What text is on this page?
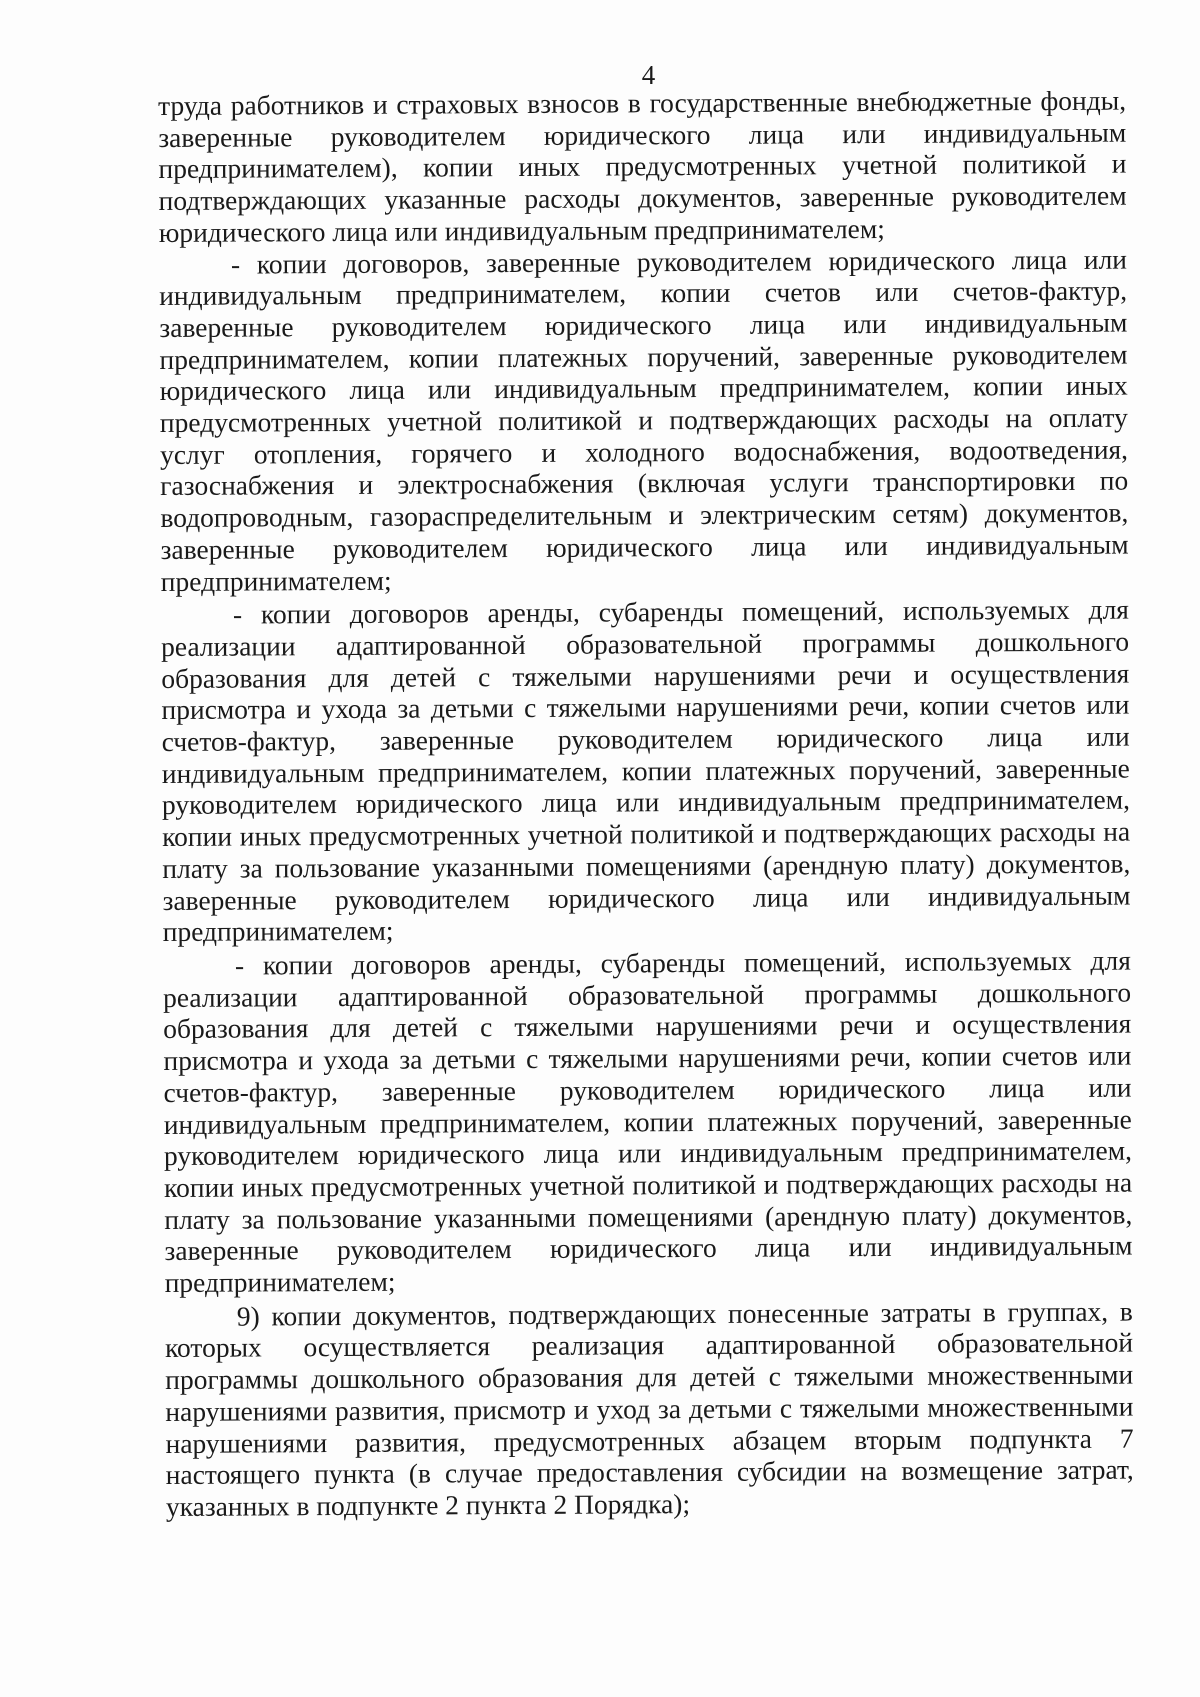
4

труда работников и страховых взносов в государственные внебюджетные фонды, заверенные руководителем юридического лица или индивидуальным предпринимателем), копии иных предусмотренных учетной политикой и подтверждающих указанные расходы документов, заверенные руководителем юридического лица или индивидуальным предпринимателем;

- копии договоров, заверенные руководителем юридического лица или индивидуальным предпринимателем, копии счетов или счетов-фактур, заверенные руководителем юридического лица или индивидуальным предпринимателем, копии платежных поручений, заверенные руководителем юридического лица или индивидуальным предпринимателем, копии иных предусмотренных учетной политикой и подтверждающих расходы на оплату услуг отопления, горячего и холодного водоснабжения, водоотведения, газоснабжения и электроснабжения (включая услуги транспортировки по водопроводным, газораспределительным и электрическим сетям) документов, заверенные руководителем юридического лица или индивидуальным предпринимателем;

- копии договоров аренды, субаренды помещений, используемых для реализации адаптированной образовательной программы дошкольного образования для детей с тяжелыми нарушениями речи и осуществления присмотра и ухода за детьми с тяжелыми нарушениями речи, копии счетов или счетов-фактур, заверенные руководителем юридического лица или индивидуальным предпринимателем, копии платежных поручений, заверенные руководителем юридического лица или индивидуальным предпринимателем, копии иных предусмотренных учетной политикой и подтверждающих расходы на плату за пользование указанными помещениями (арендную плату) документов, заверенные руководителем юридического лица или индивидуальным предпринимателем;

- копии договоров аренды, субаренды помещений, используемых для реализации адаптированной образовательной программы дошкольного образования для детей с тяжелыми нарушениями речи и осуществления присмотра и ухода за детьми с тяжелыми нарушениями речи, копии счетов или счетов-фактур, заверенные руководителем юридического лица или индивидуальным предпринимателем, копии платежных поручений, заверенные руководителем юридического лица или индивидуальным предпринимателем, копии иных предусмотренных учетной политикой и подтверждающих расходы на плату за пользование указанными помещениями (арендную плату) документов, заверенные руководителем юридического лица или индивидуальным предпринимателем;

9) копии документов, подтверждающих понесенные затраты в группах, в которых осуществляется реализация адаптированной образовательной программы дошкольного образования для детей с тяжелыми множественными нарушениями развития, присмотр и уход за детьми с тяжелыми множественными нарушениями развития, предусмотренных абзацем вторым подпункта 7 настоящего пункта (в случае предоставления субсидии на возмещение затрат, указанных в подпункте 2 пункта 2 Порядка);
